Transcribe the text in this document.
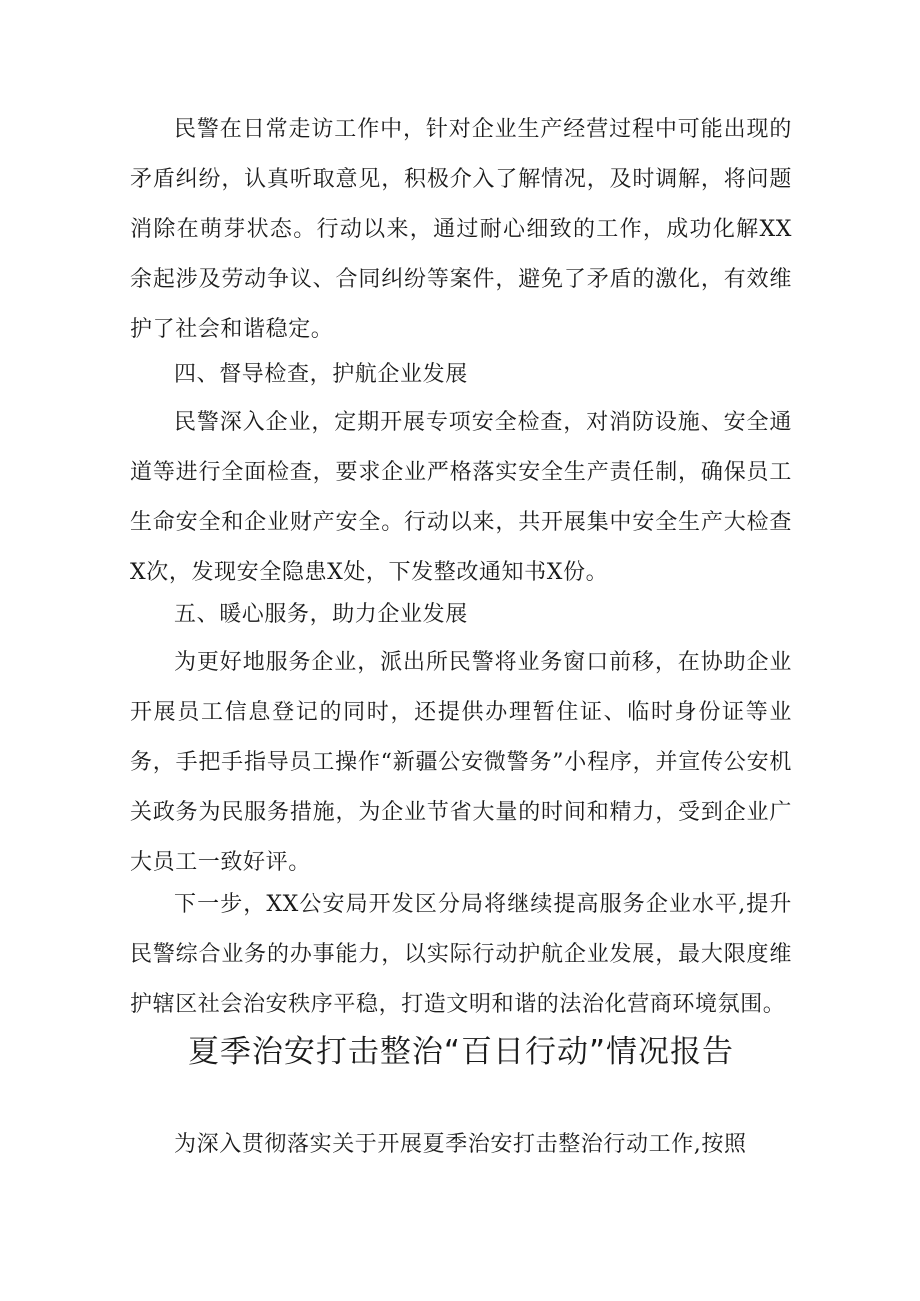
民警在日常走访工作中，针对企业生产经营过程中可能出现的矛盾纠纷，认真听取意见，积极介入了解情况，及时调解，将问题消除在萌芽状态。行动以来，通过耐心细致的工作，成功化解XX余起涉及劳动争议、合同纠纷等案件，避免了矛盾的激化，有效维护了社会和谐稳定。

四、督导检查，护航企业发展

民警深入企业，定期开展专项安全检查，对消防设施、安全通道等进行全面检查，要求企业严格落实安全生产责任制，确保员工生命安全和企业财产安全。行动以来，共开展集中安全生产大检查X次，发现安全隐患X处，下发整改通知书X份。

五、暖心服务，助力企业发展

为更好地服务企业，派出所民警将业务窗口前移，在协助企业开展员工信息登记的同时，还提供办理暂住证、临时身份证等业务，手把手指导员工操作“新疆公安微警务”小程序，并宣传公安机关政务为民服务措施，为企业节省大量的时间和精力，受到企业广大员工一致好评。

下一步，XX公安局开发区分局将继续提高服务企业水平,提升民警综合业务的办事能力，以实际行动护航企业发展，最大限度维护辖区社会治安秩序平稳，打造文明和谐的法治化营商环境氛围。

夏季治安打击整治“百日行动”情况报告

为深入贯彻落实关于开展夏季治安打击整治行动工作,按照
